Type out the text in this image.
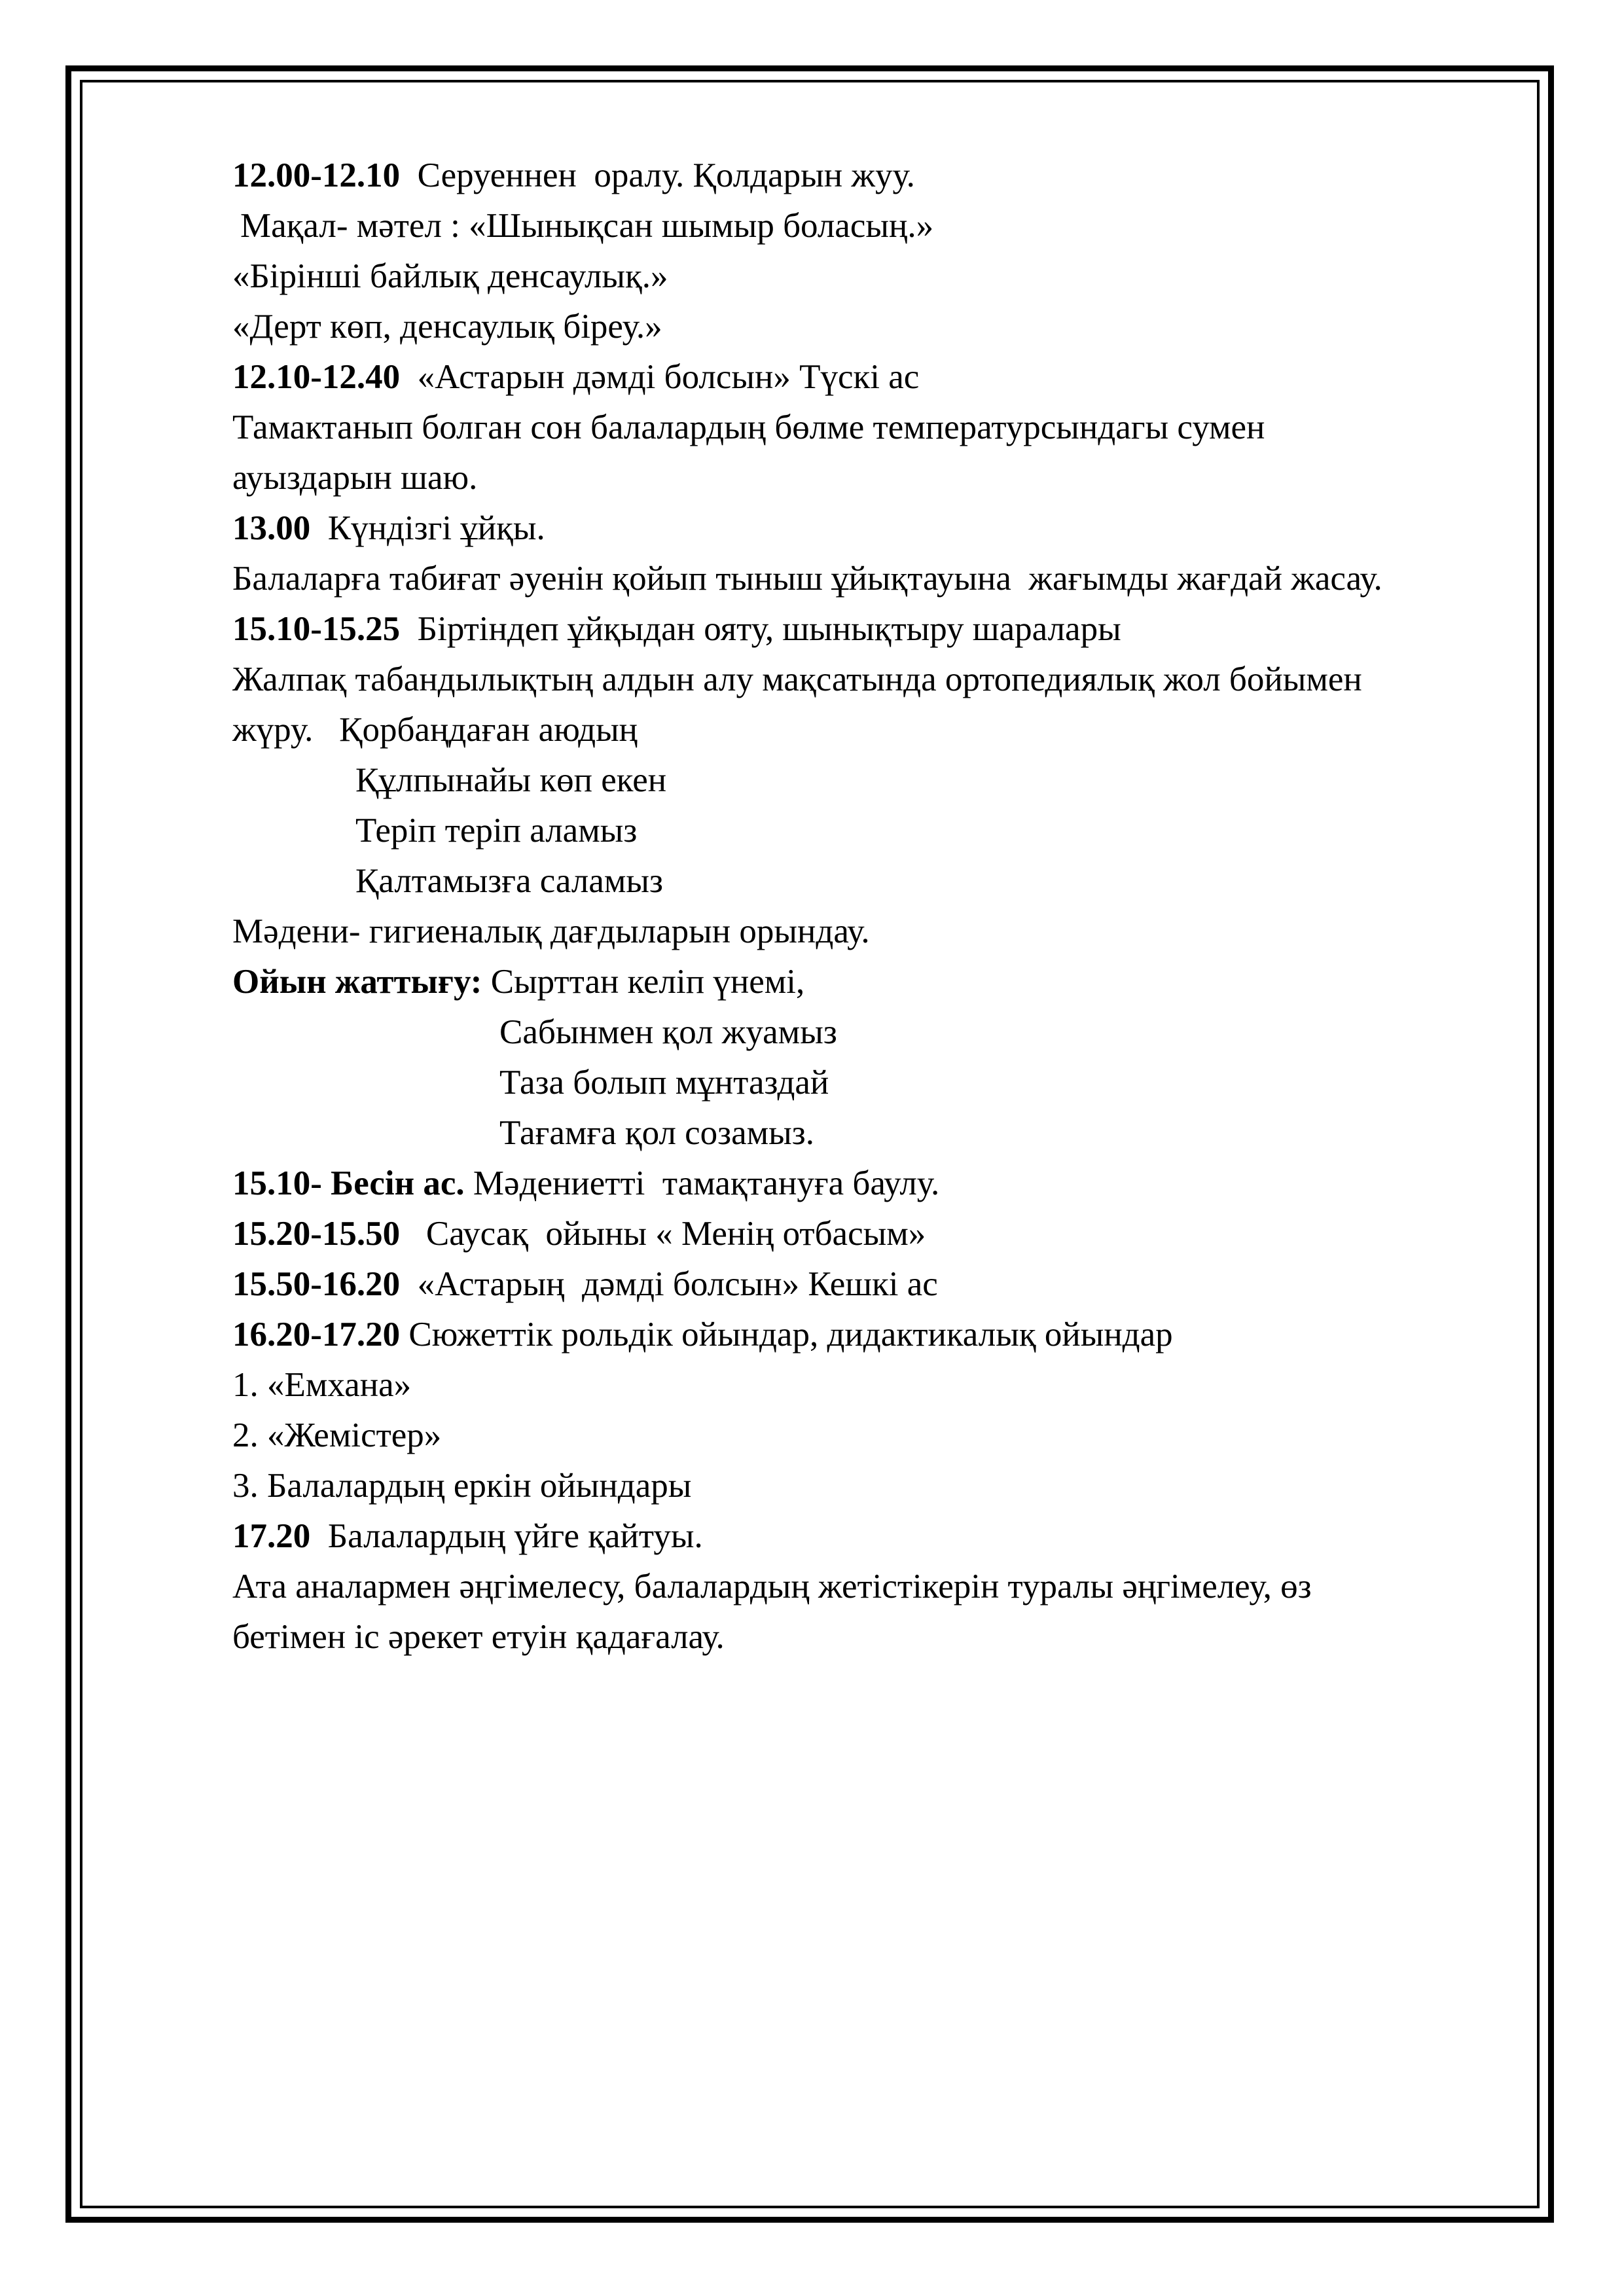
12.00-12.10  Серуеннен  оралу. Қолдарын жуу.
Мақал- мәтел : «Шынықсан шымыр боласың.»
«Бірінші байлық денсаулық.»
«Дерт көп, денсаулық біреу.»
12.10-12.40  «Астарын дәмді болсын» Түскі ас
Тамактанып болган сон балалардың бөлме температурсындагы сумен
ауыздарын шаю.
13.00  Күндізгі ұйқы.
Балаларға табиғат әуенін қойып тыныш ұйықтауына  жағымды жағдай жасау.
15.10-15.25  Біртіндеп ұйқыдан ояту, шынықтыру шаралары
Жалпақ табандылықтың алдын алу мақсатында ортопедиялық жол бойымен
жүру.   Қорбаңдаған аюдың
Құлпынайы көп екен
Теріп теріп аламыз
Қалтамызға саламыз
Мәдени- гигиеналық дағдыларын орындау.
Ойын жаттығу: Сырттан келіп үнемі,
Сабынмен қол жуамыз
Таза болып мұнтаздай
Тағамға қол созамыз.
15.10- Бесін ас. Мәдениетті  тамақтануға баулу.
15.20-15.50   Саусақ  ойыны « Менің отбасым»
15.50-16.20  «Астарың  дәмді болсын» Кешкі ас
16.20-17.20 Сюжеттік рольдік ойындар, дидактикалық ойындар
1. «Емхана»
2. «Жемістер»
3. Балалардың еркін ойындары
17.20  Балалардың үйге қайтуы.
Ата аналармен әңгімелесу, балалардың жетістікерін туралы әңгімелеу, өз
бетімен іс әрекет етуін қадағалау.
